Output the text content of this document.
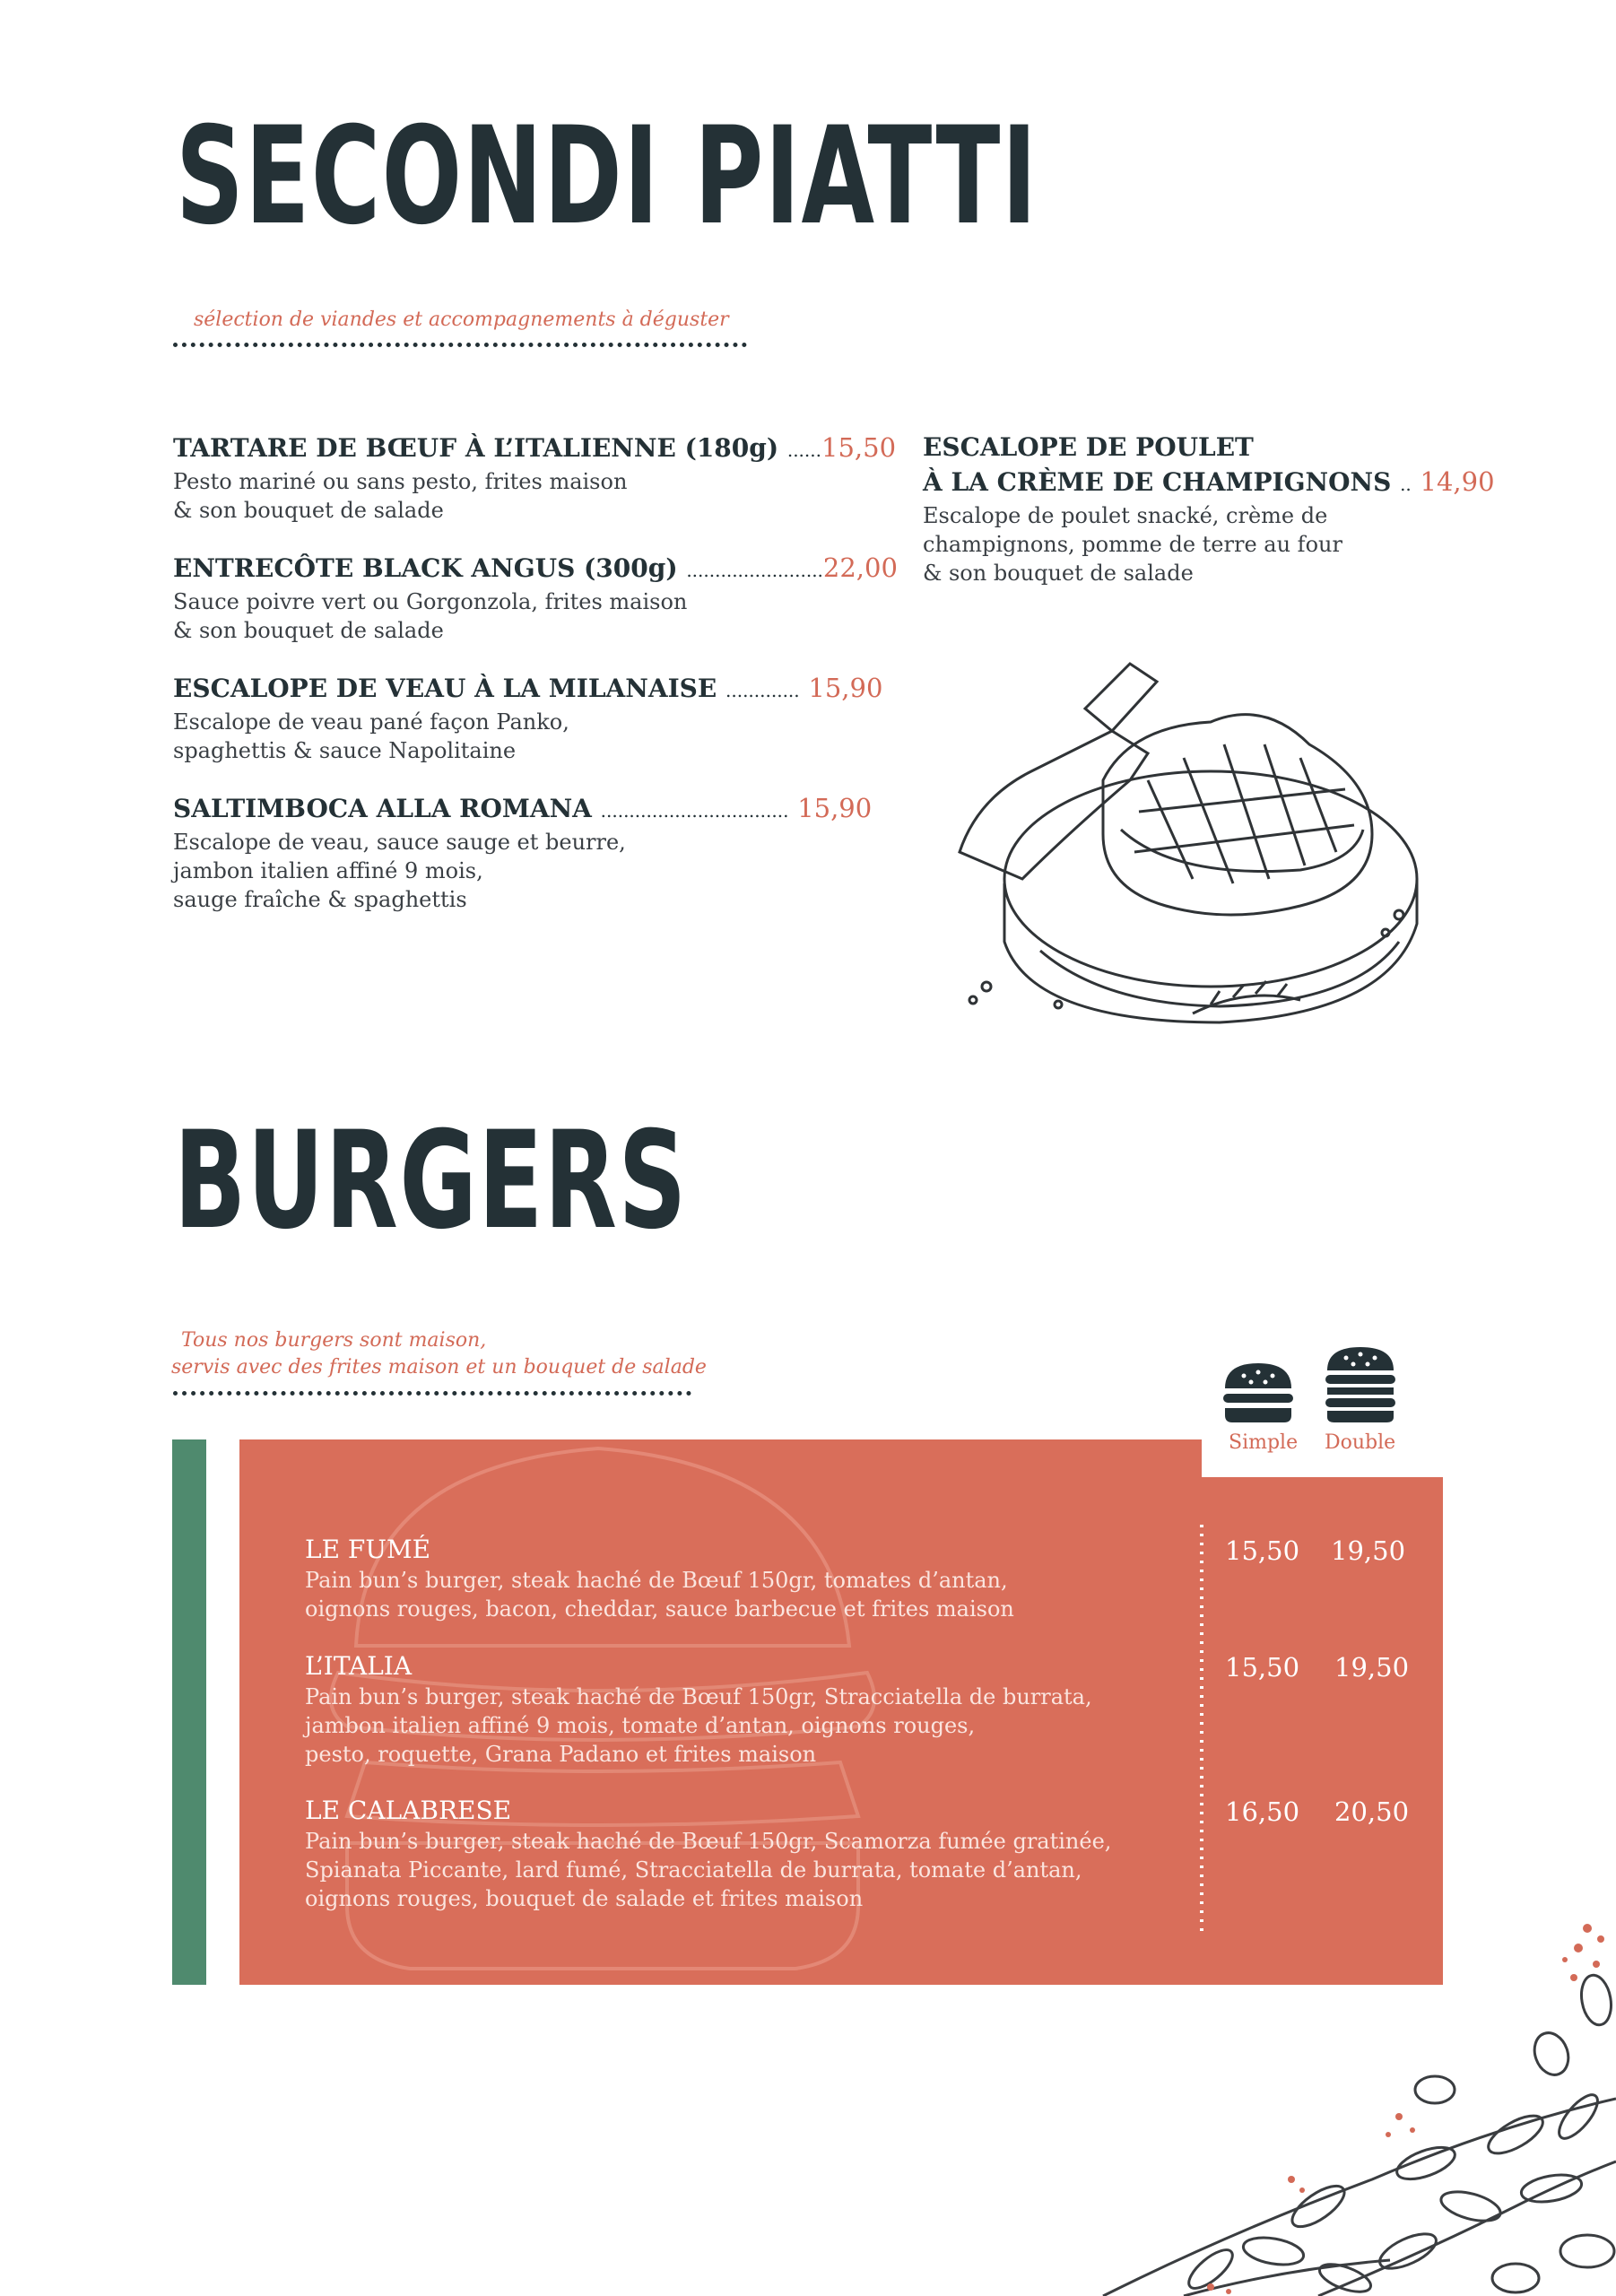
SECONDI PIATTI
sélection de viandes et accompagnements à déguster
TARTARE DE BŒUF À L’ITALIENNE (180g) ......15,50
Pesto mariné ou sans pesto, frites maison
& son bouquet de salade
ENTRECÔTE BLACK ANGUS (300g) ........................22,00
Sauce poivre vert ou Gorgonzola, frites maison
& son bouquet de salade
ESCALOPE DE VEAU À LA MILANAISE ............. 15,90
Escalope de veau pané façon Panko,
spaghettis & sauce Napolitaine
SALTIMBOCA ALLA ROMANA ................................. 15,90
Escalope de veau, sauce sauge et beurre,
jambon italien affiné 9 mois,
sauge fraîche & spaghettis
ESCALOPE DE POULET
À LA CRÈME DE CHAMPIGNONS .. 14,90
Escalope de poulet snacké, crème de
champignons, pomme de terre au four
& son bouquet de salade
BURGERS
Tous nos burgers sont maison,
servis avec des frites maison et un bouquet de salade
Simple Double
LE FUMÉ
Pain bun’s burger, steak haché de Bœuf 150gr, tomates d’antan,
oignons rouges, bacon, cheddar, sauce barbecue et frites maison
15,50 19,50
L’ITALIA
Pain bun’s burger, steak haché de Bœuf 150gr, Stracciatella de burrata,
jambon italien affiné 9 mois, tomate d’antan, oignons rouges,
pesto, roquette, Grana Padano et frites maison
15,50 19,50
LE CALABRESE
Pain bun’s burger, steak haché de Bœuf 150gr, Scamorza fumée gratinée,
Spianata Piccante, lard fumé, Stracciatella de burrata, tomate d’antan,
oignons rouges, bouquet de salade et frites maison
16,50 20,50
